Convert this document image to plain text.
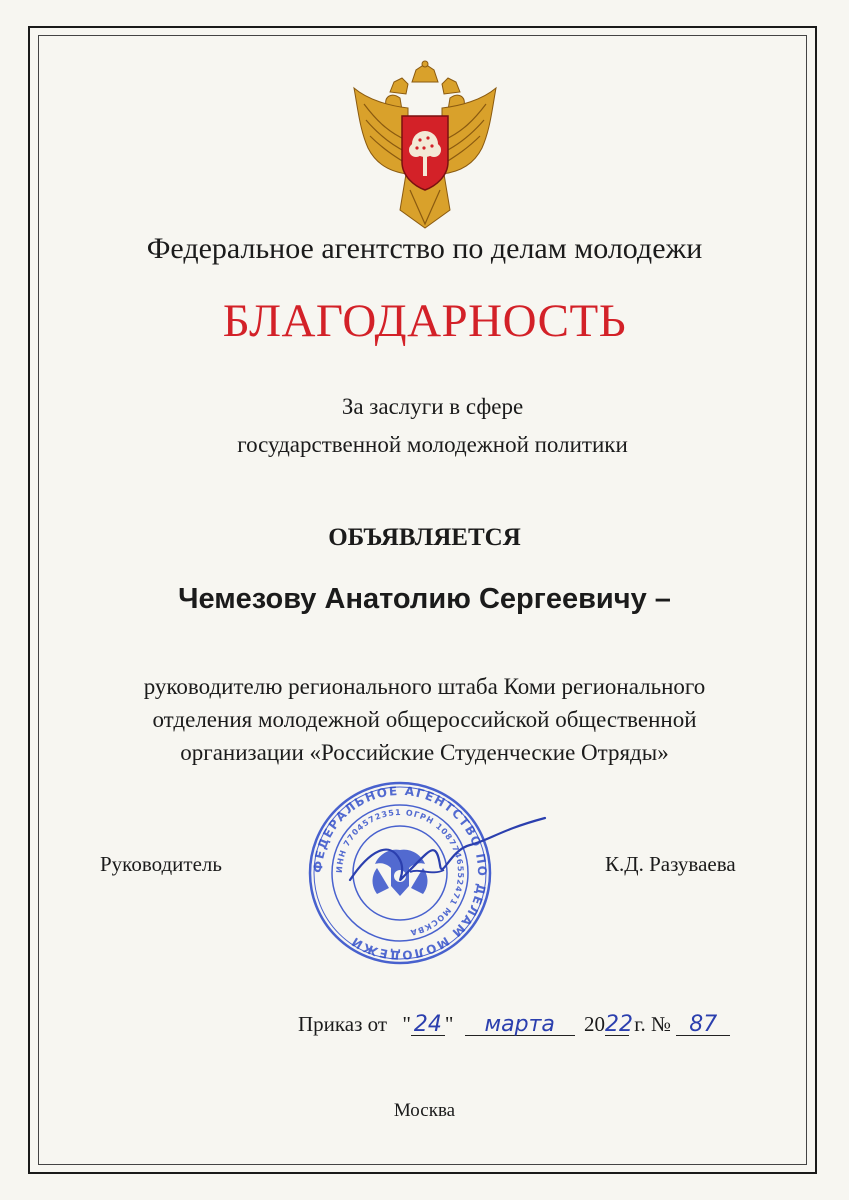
Федеральное агентство по делам молодежи
БЛАГОДАРНОСТЬ
За заслуги в сфере
государственной молодежной политики
ОБЪЯВЛЯЕТСЯ
Чемезову Анатолию Сергеевичу –
руководителю регионального штаба Коми регионального
отделения молодежной общероссийской общественной
организации «Российские Студенческие Отряды»
ФЕДЕРАЛЬНОЕ АГЕНТСТВО ПО ДЕЛАМ МОЛОДЕЖИ
ИНН 7704572351 ОГРН 1087746552471 МОСКВА
Руководитель	К.Д. Разуваева
Приказ от " 24 " марта 2022 г. № 87
Москва
